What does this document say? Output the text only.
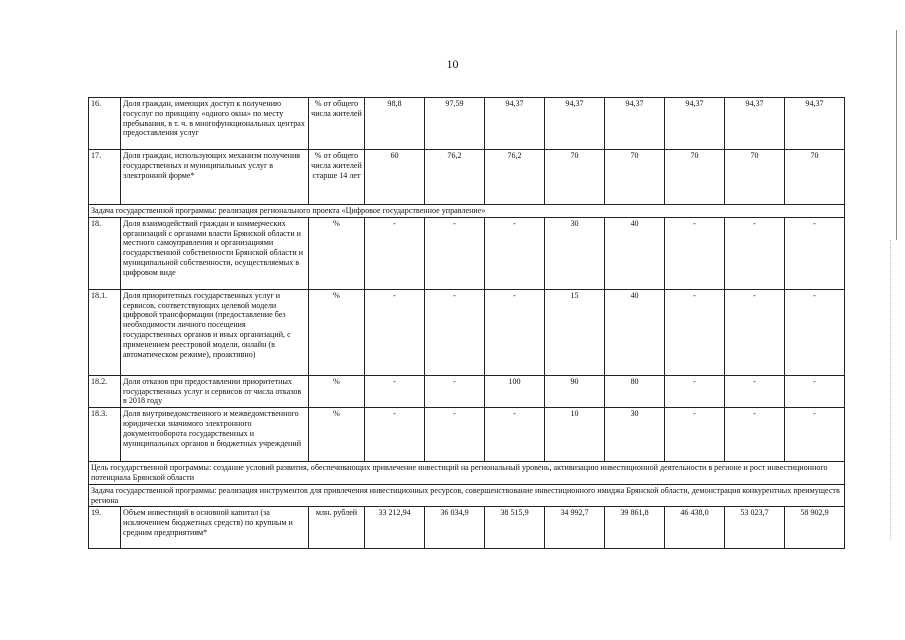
10
16.	Доля граждан, имеющих доступ к получению госуслуг по принципу «одного окна» по месту пребывания, в т. ч. в многофункциональных центрах предоставления услуг	% от общего числа жителей	98,8	97,59	94,37	94,37	94,37	94,37	94,37	94,37
17.	Доля граждан, использующих механизм получения государственных и муниципальных услуг в электронной форме*	% от общего числа жителей старше 14 лет	60	76,2	76,2	70	70	70	70	70
Задача государственной программы: реализация регионального проекта «Цифровое государственное управление»										
18.	Доля взаимодействий граждан и коммерческих организаций с органами власти Брянской области и местного самоуправления и организациями государственной собственности Брянской области и муниципальной собственности, осуществляемых в цифровом виде	%	-	-	-	30	40	-	-	-
18.1.	Доля приоритетных государственных услуг и сервисов, соответствующих целевой модели цифровой трансформации (предоставление без необходимости личного посещения государственных органов и иных организаций, с применением реестровой модели, онлайн (в автоматическом режиме), проактивно)	%	-	-	-	15	40	-	-	-
18.2.	Доля отказов при предоставлении приоритетных государственных услуг и сервисов от числа отказов в 2018 году	%	-	-	100	90	80	-	-	-
18.3.	Доля внутриведомственного и межведомственного юридически значимого электронного документооборота государственных и муниципальных органов и бюджетных учреждений	%	-	-	-	10	30	-	-	-
Цель государственной программы: создание условий развития, обеспечивающих привлечение инвестиций на региональный уровень, активизацию инвестиционной деятельности в регионе и рост инвестиционного потенциала Брянской области										
Задача государственной программы: реализация инструментов для привлечения инвестиционных ресурсов, совершенствование инвестиционного имиджа Брянской области, демонстрация конкурентных преимуществ региона										
19.	Объем инвестиций в основной капитал (за исключением бюджетных средств) по крупным и средним предприятиям*	млн. рублей	33 212,94	36 034,9	38 515,9	34 992,7	39 861,8	46 438,0	53 023,7	58 902,9
